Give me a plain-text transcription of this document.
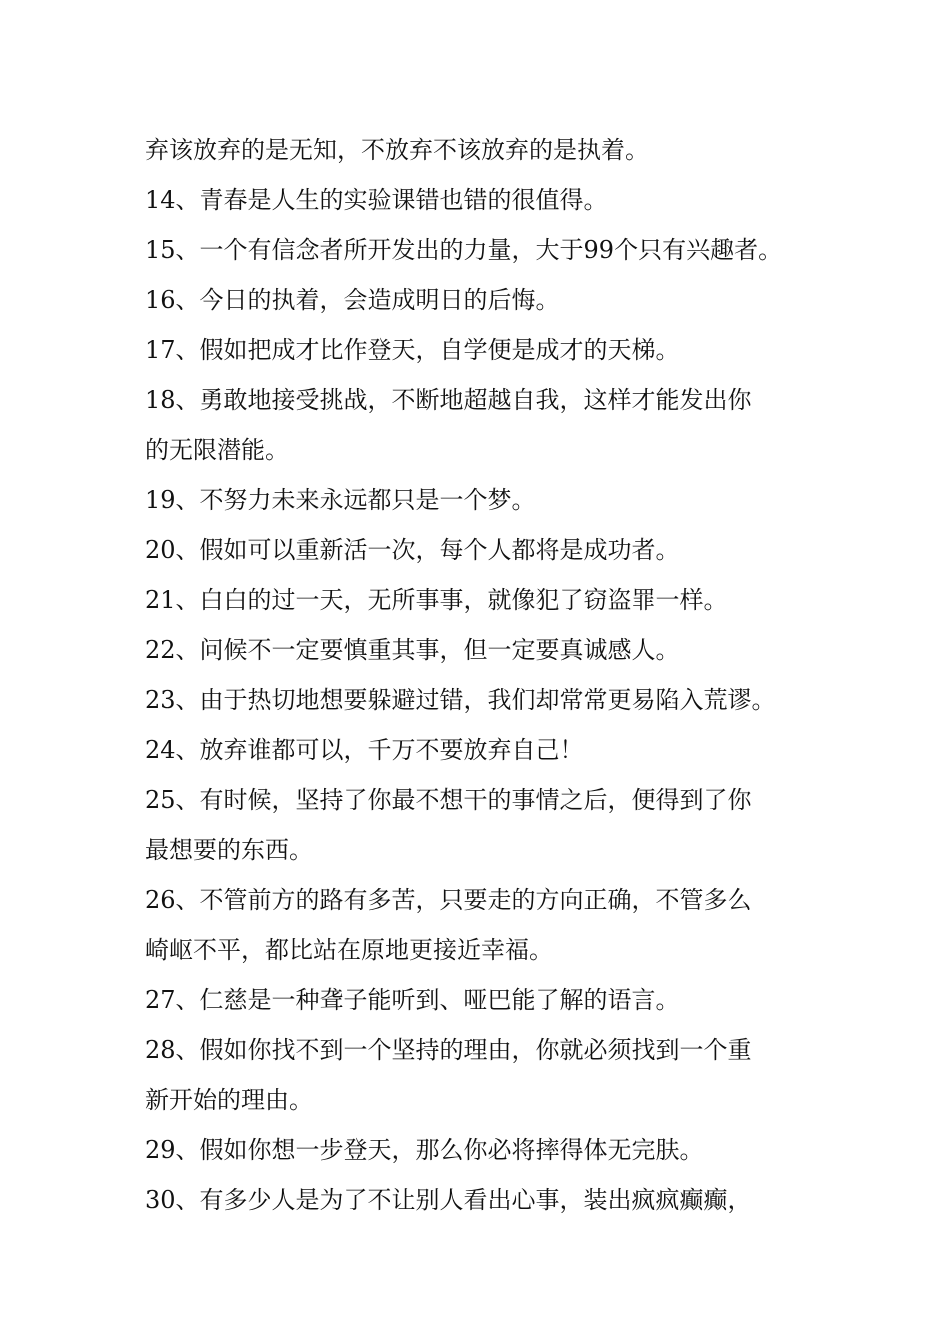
弃该放弃的是无知，不放弃不该放弃的是执着。
14、青春是人生的实验课错也错的很值得。
15、一个有信念者所开发出的力量，大于99个只有兴趣者。
16、今日的执着，会造成明日的后悔。
17、假如把成才比作登天，自学便是成才的天梯。
18、勇敢地接受挑战，不断地超越自我，这样才能发出你
的无限潜能。
19、不努力未来永远都只是一个梦。
20、假如可以重新活一次，每个人都将是成功者。
21、白白的过一天，无所事事，就像犯了窃盗罪一样。
22、问候不一定要慎重其事，但一定要真诚感人。
23、由于热切地想要躲避过错，我们却常常更易陷入荒谬。
24、放弃谁都可以，千万不要放弃自己！
25、有时候，坚持了你最不想干的事情之后，便得到了你
最想要的东西。
26、不管前方的路有多苦，只要走的方向正确，不管多么
崎岖不平，都比站在原地更接近幸福。
27、仁慈是一种聋子能听到、哑巴能了解的语言。
28、假如你找不到一个坚持的理由，你就必须找到一个重
新开始的理由。
29、假如你想一步登天，那么你必将摔得体无完肤。
30、有多少人是为了不让别人看出心事，装出疯疯癫癫，
